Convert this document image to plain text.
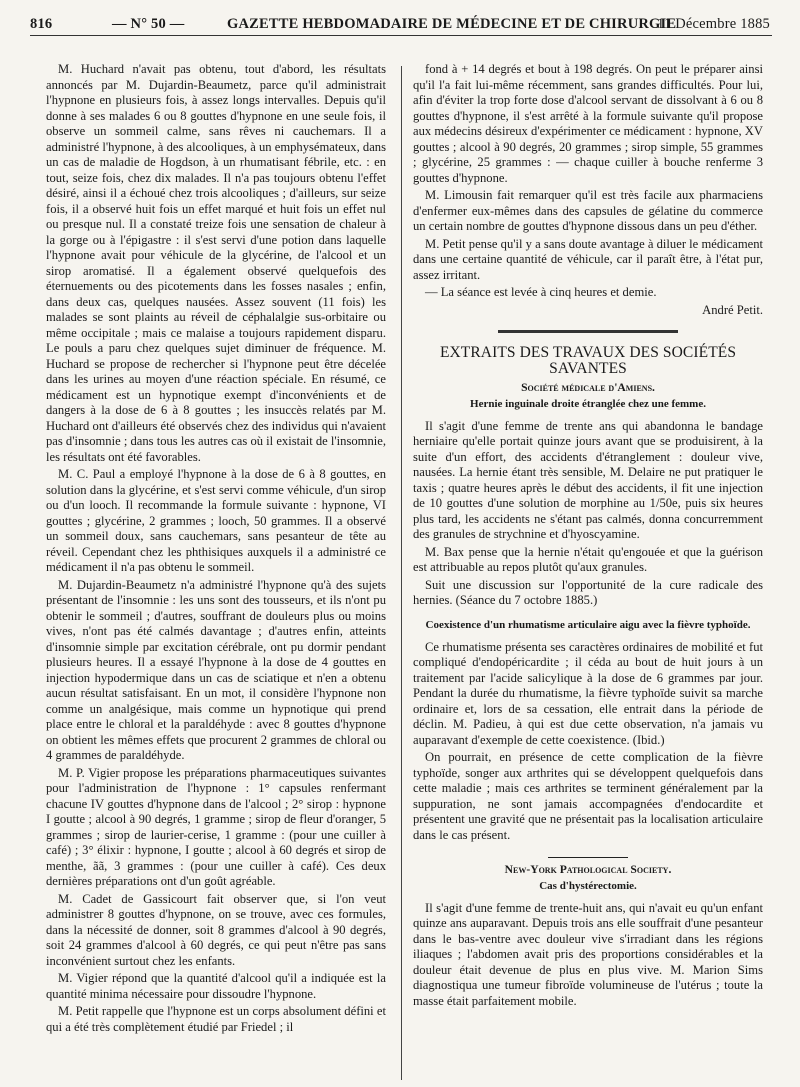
816	— N° 50 —	GAZETTE HEBDOMADAIRE DE MÉDECINE ET DE CHIRURGIE
11 Décembre 1885

M. Huchard n'avait pas obtenu, tout d'abord, les résultats annoncés par M. Dujardin-Beaumetz, parce qu'il administrait l'hypnone en plusieurs fois, à assez longs intervalles. Depuis qu'il donne à ses malades 6 ou 8 gouttes d'hypnone en une seule fois, il observe un sommeil calme, sans rêves ni cauchemars. Il a administré l'hypnone, à des alcooliques, à un emphysémateux, dans un cas de maladie de Hogdson, à un rhumatisant fébrile, etc. : en tout, seize fois, chez dix malades. Il n'a pas toujours obtenu l'effet désiré, ainsi il a échoué chez trois alcooliques ; d'ailleurs, sur seize fois, il a observé huit fois un effet marqué et huit fois un effet nul ou presque nul. Il a constaté treize fois une sensation de chaleur à la gorge ou à l'épigastre : il s'est servi d'une potion dans laquelle l'hypnone avait pour véhicule de la glycérine, de l'alcool et un sirop aromatisé. Il a également observé quelquefois des éternuements ou des picotements dans les fosses nasales ; enfin, dans deux cas, quelques nausées. Assez souvent (11 fois) les malades se sont plaints au réveil de céphalalgie sus-orbitaire ou même occipitale ; mais ce malaise a toujours rapidement disparu. Le pouls a paru chez quelques sujet diminuer de fréquence. M. Huchard se propose de rechercher si l'hypnone peut être décelée dans les urines au moyen d'une réaction spéciale. En résumé, ce médicament est un hypnotique exempt d'inconvénients et de dangers à la dose de 6 à 8 gouttes ; les insuccès relatés par M. Huchard ont d'ailleurs été observés chez des individus qui n'avaient pas d'insomnie ; dans tous les autres cas où il existait de l'insomnie, les résultats ont été favorables.

M. C. Paul a employé l'hypnone à la dose de 6 à 8 gouttes, en solution dans la glycérine, et s'est servi comme véhicule, d'un sirop ou d'un looch. Il recommande la formule suivante : hypnone, VI gouttes ; glycérine, 2 grammes ; looch, 50 grammes. Il a observé un sommeil doux, sans cauchemars, sans pesanteur de tête au réveil. Cependant chez les phthisiques auxquels il a administré ce médicament il n'a pas obtenu le sommeil.

M. Dujardin-Beaumetz n'a administré l'hypnone qu'à des sujets présentant de l'insomnie : les uns sont des tousseurs, et ils n'ont pu obtenir le sommeil ; d'autres, souffrant de douleurs plus ou moins vives, n'ont pas été calmés davantage ; d'autres enfin, atteints d'insomnie simple par excitation cérébrale, ont pu dormir pendant plusieurs heures. Il a essayé l'hypnone à la dose de 4 gouttes en injection hypodermique dans un cas de sciatique et n'en a obtenu aucun résultat satisfaisant. En un mot, il considère l'hypnone non comme un analgésique, mais comme un hypnotique qui prend place entre le chloral et la paraldéhyde : avec 8 gouttes d'hypnone on obtient les mêmes effets que procurent 2 grammes de chloral ou 4 grammes de paraldéhyde.

M. P. Vigier propose les préparations pharmaceutiques suivantes pour l'administration de l'hypnone : 1° capsules renfermant chacune IV gouttes d'hypnone dans de l'alcool ; 2° sirop : hypnone I goutte ; alcool à 90 degrés, 1 gramme ; sirop de fleur d'oranger, 5 grammes ; sirop de laurier-cerise, 1 gramme : (pour une cuiller à café) ; 3° élixir : hypnone, I goutte ; alcool à 60 degrés et sirop de menthe, ãã, 3 grammes : (pour une cuiller à café). Ces deux dernières préparations ont d'un goût agréable.

M. Cadet de Gassicourt fait observer que, si l'on veut administrer 8 gouttes d'hypnone, on se trouve, avec ces formules, dans la nécessité de donner, soit 8 grammes d'alcool à 90 degrés, soit 24 grammes d'alcool à 60 degrés, ce qui peut n'être pas sans inconvénient surtout chez les enfants.

M. Vigier répond que la quantité d'alcool qu'il a indiquée est la quantité minima nécessaire pour dissoudre l'hypnone.

M. Petit rappelle que l'hypnone est un corps absolument défini et qui a été très complètement étudié par Friedel ; il

fond à + 14 degrés et bout à 198 degrés. On peut le préparer ainsi qu'il l'a fait lui-même récemment, sans grandes difficultés. Pour lui, afin d'éviter la trop forte dose d'alcool servant de dissolvant à 6 ou 8 gouttes d'hypnone, il s'est arrêté à la formule suivante qu'il propose aux médecins désireux d'expérimenter ce médicament : hypnone, XV gouttes ; alcool à 90 degrés, 20 grammes ; sirop simple, 55 grammes ; glycérine, 25 grammes : — chaque cuiller à bouche renferme 3 gouttes d'hypnone.

M. Limousin fait remarquer qu'il est très facile aux pharmaciens d'enfermer eux-mêmes dans des capsules de gélatine du commerce un certain nombre de gouttes d'hypnone dissous dans un peu d'éther.

M. Petit pense qu'il y a sans doute avantage à diluer le médicament dans une certaine quantité de véhicule, car il paraît être, à l'état pur, assez irritant.

— La séance est levée à cinq heures et demie.

André Petit.

EXTRAITS DES TRAVAUX DES SOCIÉTÉS SAVANTES
Société médicale d'Amiens.
Hernie inguinale droite étranglée chez une femme.

Il s'agit d'une femme de trente ans qui abandonna le bandage herniaire qu'elle portait quinze jours avant que se produisirent, à la suite d'un effort, des accidents d'étranglement : douleur vive, nausées. La hernie étant très sensible, M. Delaire ne put pratiquer le taxis ; quatre heures après le début des accidents, il fit une injection de 10 gouttes d'une solution de morphine au 1/50e, puis six heures plus tard, les accidents ne s'étant pas calmés, donna concurremment des granules de strychnine et d'hyoscyamine.

M. Bax pense que la hernie n'était qu'engouée et que la guérison est attribuable au repos plutôt qu'aux granules.

Suit une discussion sur l'opportunité de la cure radicale des hernies. (Séance du 7 octobre 1885.)

Coexistence d'un rhumatisme articulaire aigu avec la fièvre typhoïde.

Ce rhumatisme présenta ses caractères ordinaires de mobilité et fut compliqué d'endopéricardite ; il céda au bout de huit jours à un traitement par l'acide salicylique à la dose de 6 grammes par jour. Pendant la durée du rhumatisme, la fièvre typhoïde suivit sa marche ordinaire et, lors de sa cessation, elle entrait dans la période de déclin. M. Padieu, à qui est due cette observation, n'a jamais vu auparavant d'exemple de cette coexistence. (Ibid.)

On pourrait, en présence de cette complication de la fièvre typhoïde, songer aux arthrites qui se développent quelquefois dans cette maladie ; mais ces arthrites se terminent généralement par la suppuration, ne sont jamais accompagnées d'endocardite et présentent une gravité que ne présentait pas la localisation articulaire dans le cas présent.

New-York Pathological Society.
Cas d'hystérectomie.

Il s'agit d'une femme de trente-huit ans, qui n'avait eu qu'un enfant quinze ans auparavant. Depuis trois ans elle souffrait d'une pesanteur dans le bas-ventre avec douleur vive s'irradiant dans les régions iliaques ; l'abdomen avait pris des proportions considérables et la douleur était devenue de plus en plus vive. M. Marion Sims diagnostiqua une tumeur fibroïde volumineuse de l'utérus ; toute la masse était parfaitement mobile.
